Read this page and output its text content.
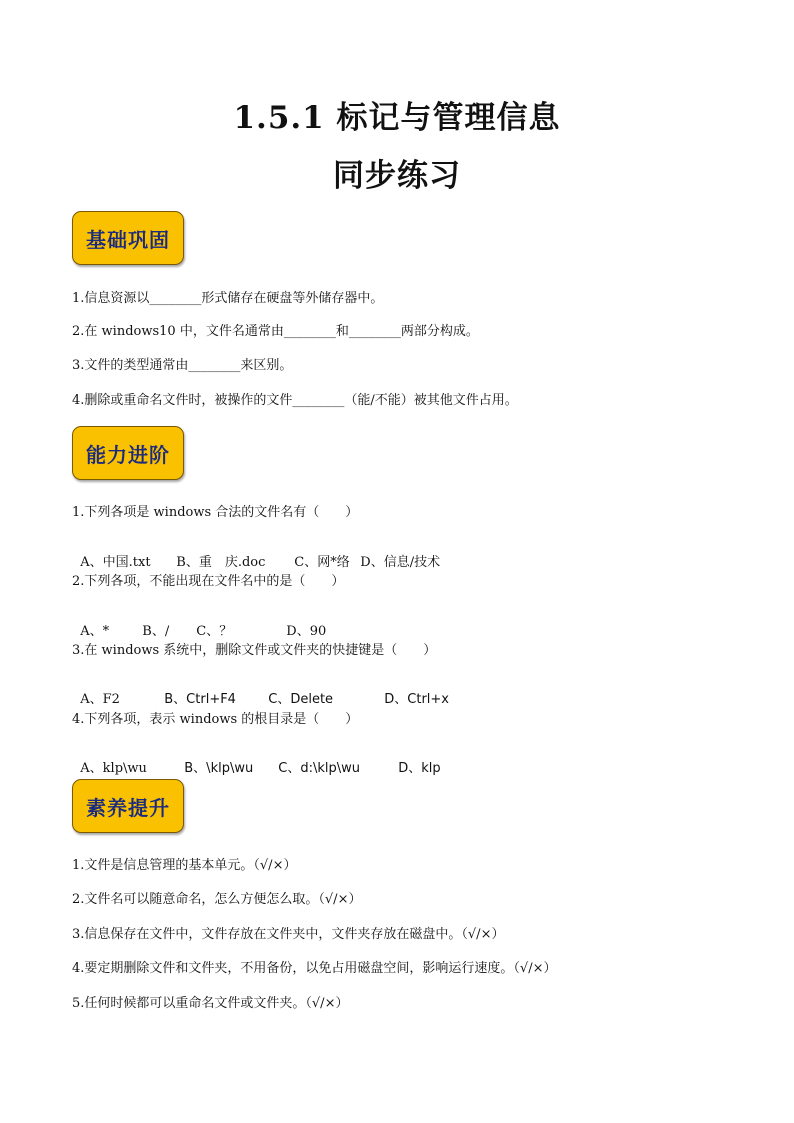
1.5.1 标记与管理信息
同步练习
基础巩固
1.信息资源以________形式储存在硬盘等外储存器中。
2.在 windows10 中，文件名通常由________和________两部分构成。
3.文件的类型通常由________来区别。
4.删除或重命名文件时，被操作的文件________（能/不能）被其他文件占用。
能力进阶
1.下列各项是 windows 合法的文件名有（　　）

A、中国.txt B、重　庆.doc C、网*络 D、信息/技术

2.下列各项，不能出现在文件名中的是（　　）

A、*	B、/ C、？	D、90

3.在 windows 系统中，删除文件或文件夹的快捷键是（　　）

A、F2	B、Ctrl+F4 C、Delete	D、Ctrl+x

4.下列各项，表示 windows 的根目录是（　　）

A、klp\wu	B、\klp\wu C、d:\klp\wu	D、klp

素养提升
1.文件是信息管理的基本单元。（√/×）
2.文件名可以随意命名，怎么方便怎么取。（√/×）
3.信息保存在文件中，文件存放在文件夹中，文件夹存放在磁盘中。（√/×）
4.要定期删除文件和文件夹，不用备份，以免占用磁盘空间，影响运行速度。（√/×）
5.任何时候都可以重命名文件或文件夹。（√/×）
